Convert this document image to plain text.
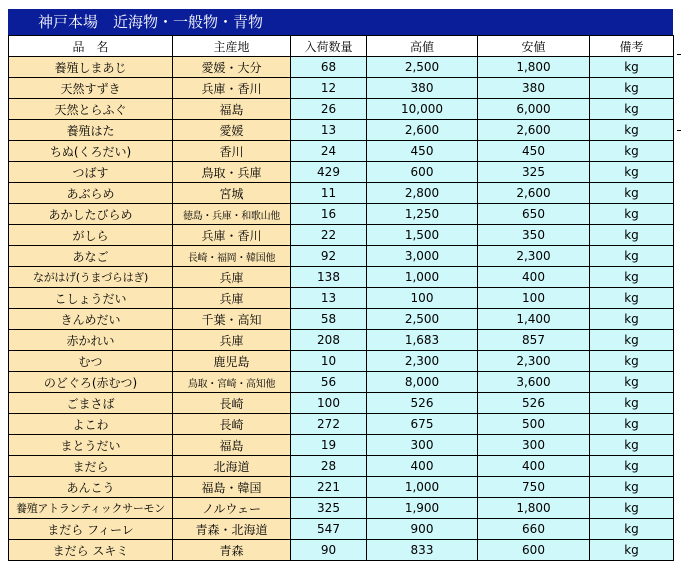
神戸本場　近海物・一般物・青物
品　名	主産地	入荷数量	高値	安値	備考
養殖しまあじ	愛媛・大分	68	2,500	1,800	kg
天然すずき	兵庫・香川	12	380	380	kg
天然とらふぐ	福島	26	10,000	6,000	kg
養殖はた	愛媛	13	2,600	2,600	kg
ちぬ(くろだい)	香川	24	450	450	kg
つばす	鳥取・兵庫	429	600	325	kg
あぶらめ	宮城	11	2,800	2,600	kg
あかしたびらめ	徳島・兵庫・和歌山他	16	1,250	650	kg
がしら	兵庫・香川	22	1,500	350	kg
あなご	長崎・福岡・韓国他	92	3,000	2,300	kg
ながはげ(うまづらはぎ)	兵庫	138	1,000	400	kg
こしょうだい	兵庫	13	100	100	kg
きんめだい	千葉・高知	58	2,500	1,400	kg
赤かれい	兵庫	208	1,683	857	kg
むつ	鹿児島	10	2,300	2,300	kg
のどぐろ(赤むつ)	鳥取・宮崎・高知他	56	8,000	3,600	kg
ごまさば	長崎	100	526	526	kg
よこわ	長崎	272	675	500	kg
まとうだい	福島	19	300	300	kg
まだら	北海道	28	400	400	kg
あんこう	福島・韓国	221	1,000	750	kg
養殖アトランティックサーモン	ノルウェー	325	1,900	1,800	kg
まだら フィーレ	青森・北海道	547	900	660	kg
まだら スキミ	青森	90	833	600	kg
